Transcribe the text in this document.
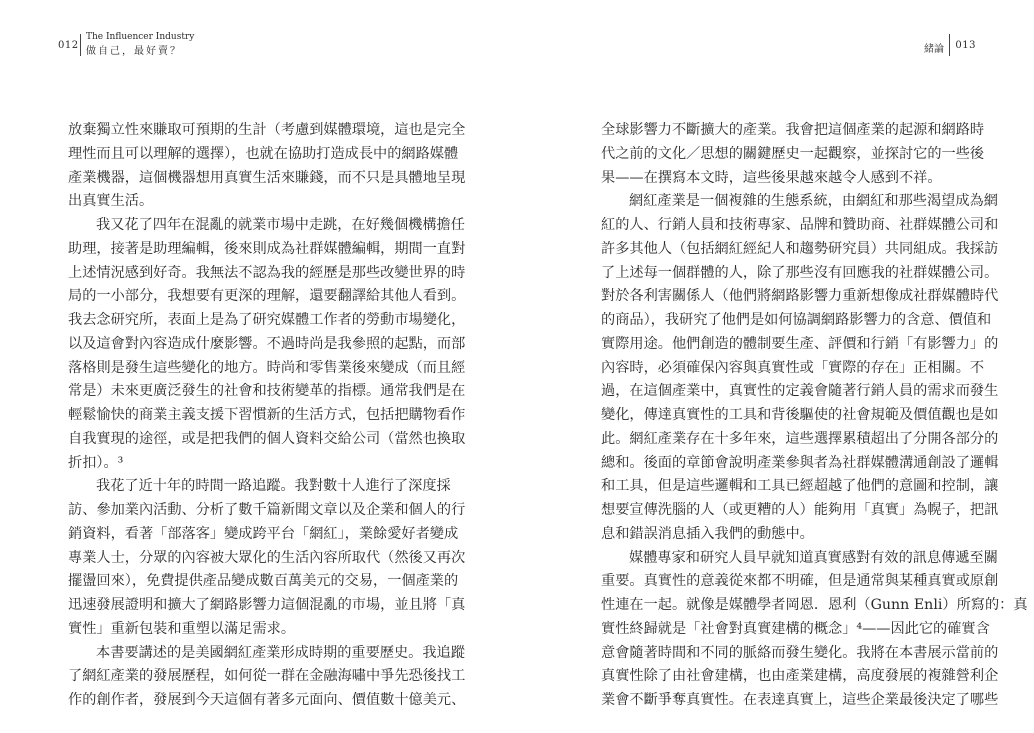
012
The Influencer Industry
做自己，最好賣？
放棄獨立性來賺取可預期的生計（考慮到媒體環境，這也是完全
理性而且可以理解的選擇），也就在協助打造成長中的網路媒體
產業機器，這個機器想用真實生活來賺錢，而不只是具體地呈現
出真實生活。
我又花了四年在混亂的就業市場中走跳，在好幾個機構擔任
助理，接著是助理編輯，後來則成為社群媒體編輯，期間一直對
上述情況感到好奇。我無法不認為我的經歷是那些改變世界的時
局的一小部分，我想要有更深的理解，還要翻譯給其他人看到。
我去念研究所，表面上是為了研究媒體工作者的勞動市場變化，
以及這會對內容造成什麼影響。不過時尚是我參照的起點，而部
落格則是發生這些變化的地方。時尚和零售業後來變成（而且經
常是）未來更廣泛發生的社會和技術變革的指標。通常我們是在
輕鬆愉快的商業主義支援下習慣新的生活方式，包括把購物看作
自我實現的途徑，或是把我們的個人資料交給公司（當然也換取
折扣）。³
我花了近十年的時間一路追蹤。我對數十人進行了深度採
訪、參加業內活動、分析了數千篇新聞文章以及企業和個人的行
銷資料，看著「部落客」變成跨平台「網紅」，業餘愛好者變成
專業人士，分眾的內容被大眾化的生活內容所取代（然後又再次
擺盪回來），免費提供產品變成數百萬美元的交易，一個產業的
迅速發展證明和擴大了網路影響力這個混亂的市場，並且將「真
實性」重新包裝和重塑以滿足需求。
本書要講述的是美國網紅產業形成時期的重要歷史。我追蹤
了網紅產業的發展歷程，如何從一群在金融海嘯中爭先恐後找工
作的創作者，發展到今天這個有著多元面向、價值數十億美元、
緒論 013
全球影響力不斷擴大的產業。我會把這個產業的起源和網路時
代之前的文化／思想的關鍵歷史一起觀察，並探討它的一些後
果——在撰寫本文時，這些後果越來越令人感到不祥。
網紅產業是一個複雜的生態系統，由網紅和那些渴望成為網
紅的人、行銷人員和技術專家、品牌和贊助商、社群媒體公司和
許多其他人（包括網紅經紀人和趨勢研究員）共同組成。我採訪
了上述每一個群體的人，除了那些沒有回應我的社群媒體公司。
對於各利害關係人（他們將網路影響力重新想像成社群媒體時代
的商品），我研究了他們是如何協調網路影響力的含意、價值和
實際用途。他們創造的體制要生產、評價和行銷「有影響力」的
內容時，必須確保內容與真實性或「實際的存在」正相關。不
過，在這個產業中，真實性的定義會隨著行銷人員的需求而發生
變化，傳達真實性的工具和背後驅使的社會規範及價值觀也是如
此。網紅產業存在十多年來，這些選擇累積超出了分開各部分的
總和。後面的章節會說明產業參與者為社群媒體溝通創設了邏輯
和工具，但是這些邏輯和工具已經超越了他們的意圖和控制，讓
想要宣傳洗腦的人（或更糟的人）能夠用「真實」為幌子，把訊
息和錯誤消息插入我們的動態中。
媒體專家和研究人員早就知道真實感對有效的訊息傳遞至關
重要。真實性的意義從來都不明確，但是通常與某種真實或原創
性連在一起。就像是媒體學者岡恩．恩利（Gunn Enli）所寫的：真
實性終歸就是「社會對真實建構的概念」⁴——因此它的確實含
意會隨著時間和不同的脈絡而發生變化。我將在本書展示當前的
真實性除了由社會建構，也由產業建構，高度發展的複雜營利企
業會不斷爭奪真實性。在表達真實上，這些企業最後決定了哪些
